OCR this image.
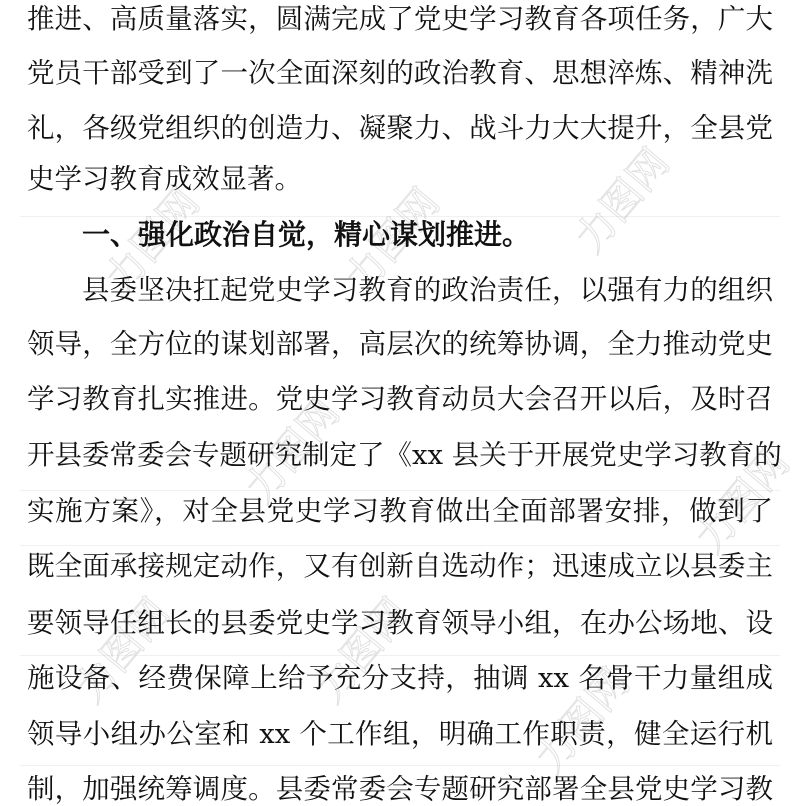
力图网	力图网	力图网
力图网	力图网
力图网	力图网
力图网
推进、高质量落实，圆满完成了党史学习教育各项任务，广大
党员干部受到了一次全面深刻的政治教育、思想淬炼、精神洗
礼，各级党组织的创造力、凝聚力、战斗力大大提升，全县党
史学习教育成效显著。
一、强化政治自觉，精心谋划推进。
县委坚决扛起党史学习教育的政治责任，以强有力的组织
领导，全方位的谋划部署，高层次的统筹协调，全力推动党史
学习教育扎实推进。党史学习教育动员大会召开以后，及时召
开县委常委会专题研究制定了《xx 县关于开展党史学习教育的
实施方案》，对全县党史学习教育做出全面部署安排，做到了
既全面承接规定动作，又有创新自选动作；迅速成立以县委主
要领导任组长的县委党史学习教育领导小组，在办公场地、设
施设备、经费保障上给予充分支持，抽调 xx 名骨干力量组成
领导小组办公室和 xx 个工作组，明确工作职责，健全运行机
制，加强统筹调度。县委常委会专题研究部署全县党史学习教
